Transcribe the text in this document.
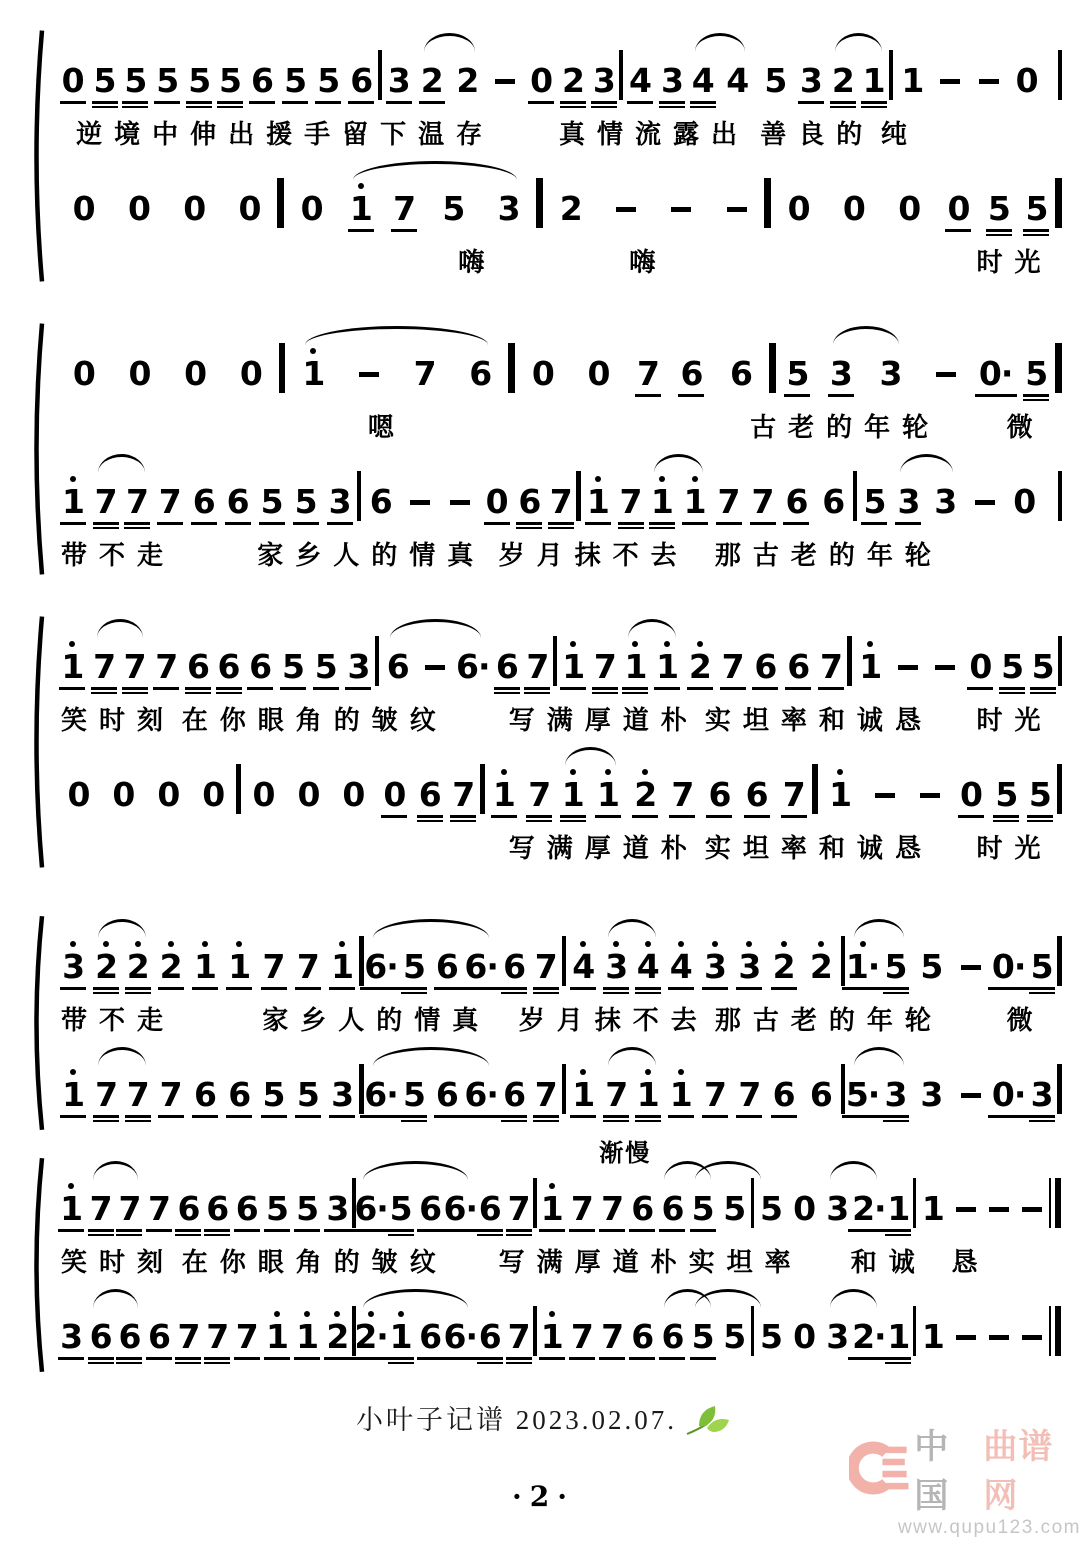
0 5 5 5 5 5 6 5 5 6 3 2 2 0 2 3 4 3 4 4 5 3 2 1 1	0
逆境中伸出援手留下温存 真情流露出 善良的 纯
0 0 0 0 0 1 7 5 3 2	0 0 0 0 5 5
嗨	嗨	时光
0 0 0 0 1	7 6 0 0 7 6 6 5 3 3 0· 5
嗯	古老的年轮	微
1 7 7 7 6 6 5 5 3 6	0 6 7 1 7 1 1 7 7 6 6 5 3 3 0
带不走	家乡人的情真 岁月抹不去 那古老的年轮
1 7 7 7 6 6 6 5 5 3 6 6· 6 7 1 7 1 1 2 7 6 6 7 1	0 5 5
笑时刻 在你眼角的皱纹 写满厚道朴 实坦率和诚恳 时光
0 0 0 0 0 0 0 0 6 7 1 7 1 1 2 7 6 6 7 1	0 5 5
写满厚道朴 实坦率和诚恳 时光
3 2 2 2 1 1 7 7 1 6· 5 6 6· 6 7 4 3 4 4 3 3 2 2 1· 5 5 0· 5
带不走	家乡人的情真 岁月抹不去 那古老的年轮 微
1 7 7 7 6 6 5 5 3 6· 5 6 6· 6 7 1 7 1 1 7 7 6 6 5· 3 3 0· 3
1 7 7 7 6 6 6 5 5 3 6· 5 6 6· 6 7 1 7 7 6 6 5 5 5 0 3 2· 1 1
渐慢
笑时刻 在你眼角的皱纹 写满厚道朴实坦率 和诚 恳
3 6 6 6 7 7 7 1 1 2 2· 1 6 6· 6 7 1 7 7 6 6 5 5 5 0 3 2· 1 1
小叶子记谱 2023.02.07.
·2·
中国
曲谱网
www.qupu123.com
